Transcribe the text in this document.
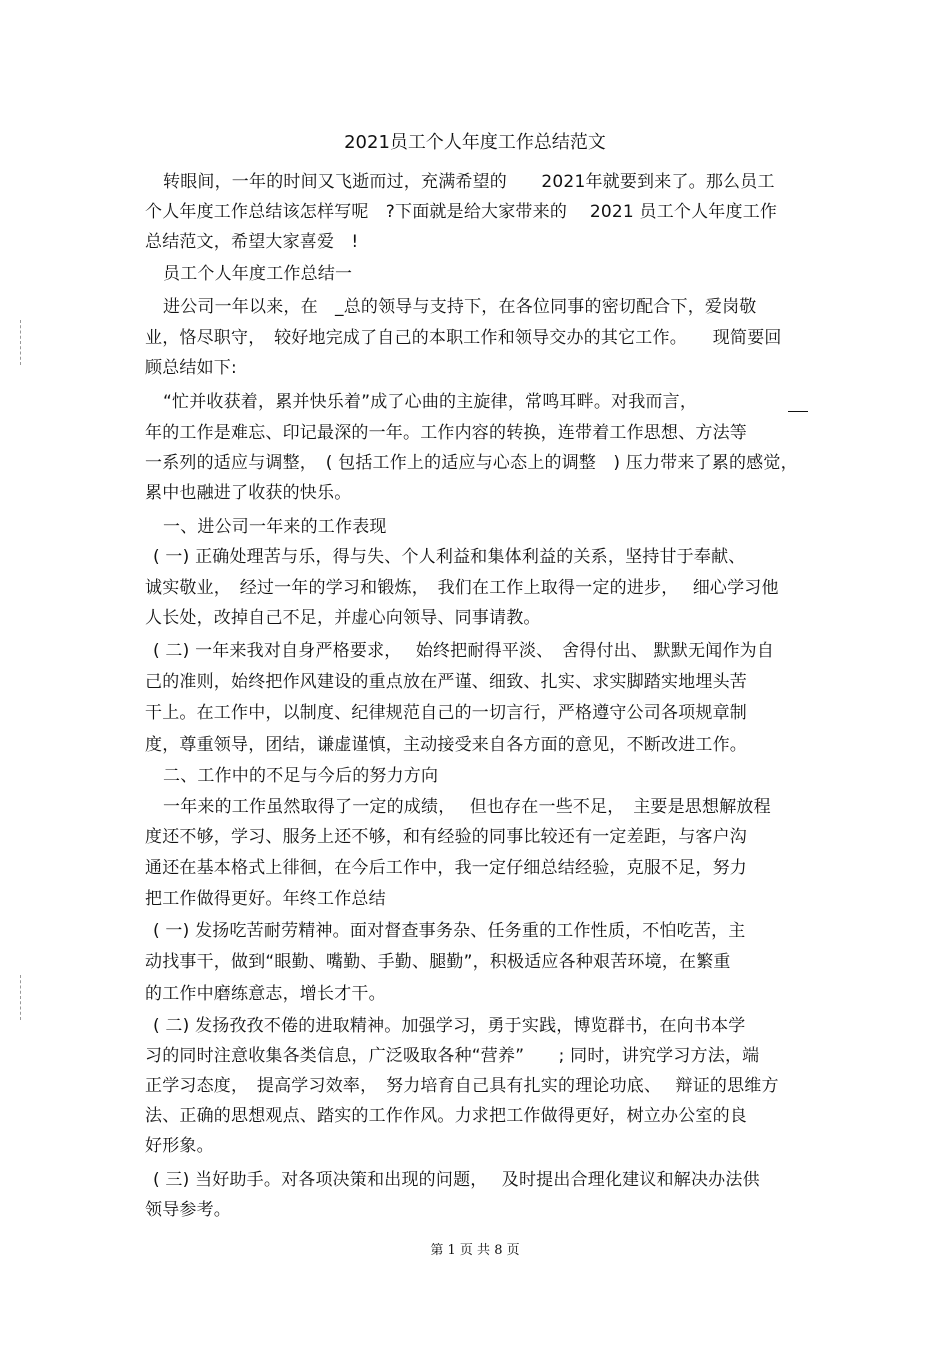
2021员工个人年度工作总结范文
转眼间，一年的时间又飞逝而过，充满希望的　　2021年就要到来了。那么员工
个人年度工作总结该怎样写呢　?下面就是给大家带来的　 2021 员工个人年度工作
总结范文，希望大家喜爱　!
员工个人年度工作总结一
进公司一年以来，在　_总的领导与支持下，在各位同事的密切配合下，爱岗敬
业，恪尽职守，　较好地完成了自己的本职工作和领导交办的其它工作。　　现简要回
顾总结如下:
“忙并收获着，累并快乐着”成了心曲的主旋律，常鸣耳畔。对我而言，
年的工作是难忘、印记最深的一年。工作内容的转换，连带着工作思想、方法等
一系列的适应与调整，　( 包括工作上的适应与心态上的调整　) 压力带来了累的感觉，
累中也融进了收获的快乐。
一、进公司一年来的工作表现
( 一) 正确处理苦与乐，得与失、个人利益和集体利益的关系，坚持甘于奉献、
诚实敬业，　经过一年的学习和锻炼，　我们在工作上取得一定的进步，　 细心学习他
人长处，改掉自己不足，并虚心向领导、同事请教。
( 二) 一年来我对自身严格要求，　 始终把耐得平淡、　舍得付出、 默默无闻作为自
己的准则，始终把作风建设的重点放在严谨、细致、扎实、求实脚踏实地埋头苦
干上。在工作中，以制度、纪律规范自己的一切言行，严格遵守公司各项规章制
度，尊重领导，团结，谦虚谨慎，主动接受来自各方面的意见，不断改进工作。
二、工作中的不足与今后的努力方向
一年来的工作虽然取得了一定的成绩，　 但也存在一些不足，　主要是思想解放程
度还不够，学习、服务上还不够，和有经验的同事比较还有一定差距，与客户沟
通还在基本格式上徘徊，在今后工作中，我一定仔细总结经验，克服不足，努力
把工作做得更好。年终工作总结
( 一) 发扬吃苦耐劳精神。面对督查事务杂、任务重的工作性质，不怕吃苦，主
动找事干，做到“眼勤、嘴勤、手勤、腿勤”，积极适应各种艰苦环境，在繁重
的工作中磨练意志，增长才干。
( 二) 发扬孜孜不倦的进取精神。加强学习，勇于实践，博览群书，在向书本学
习的同时注意收集各类信息，广泛吸取各种“营养”　　; 同时，讲究学习方法，端
正学习态度，　提高学习效率，　努力培育自己具有扎实的理论功底、　 辩证的思维方
法、正确的思想观点、踏实的工作作风。力求把工作做得更好，树立办公室的良
好形象。
( 三) 当好助手。对各项决策和出现的问题，　 及时提出合理化建议和解决办法供
领导参考。
第 1 页 共 8 页
